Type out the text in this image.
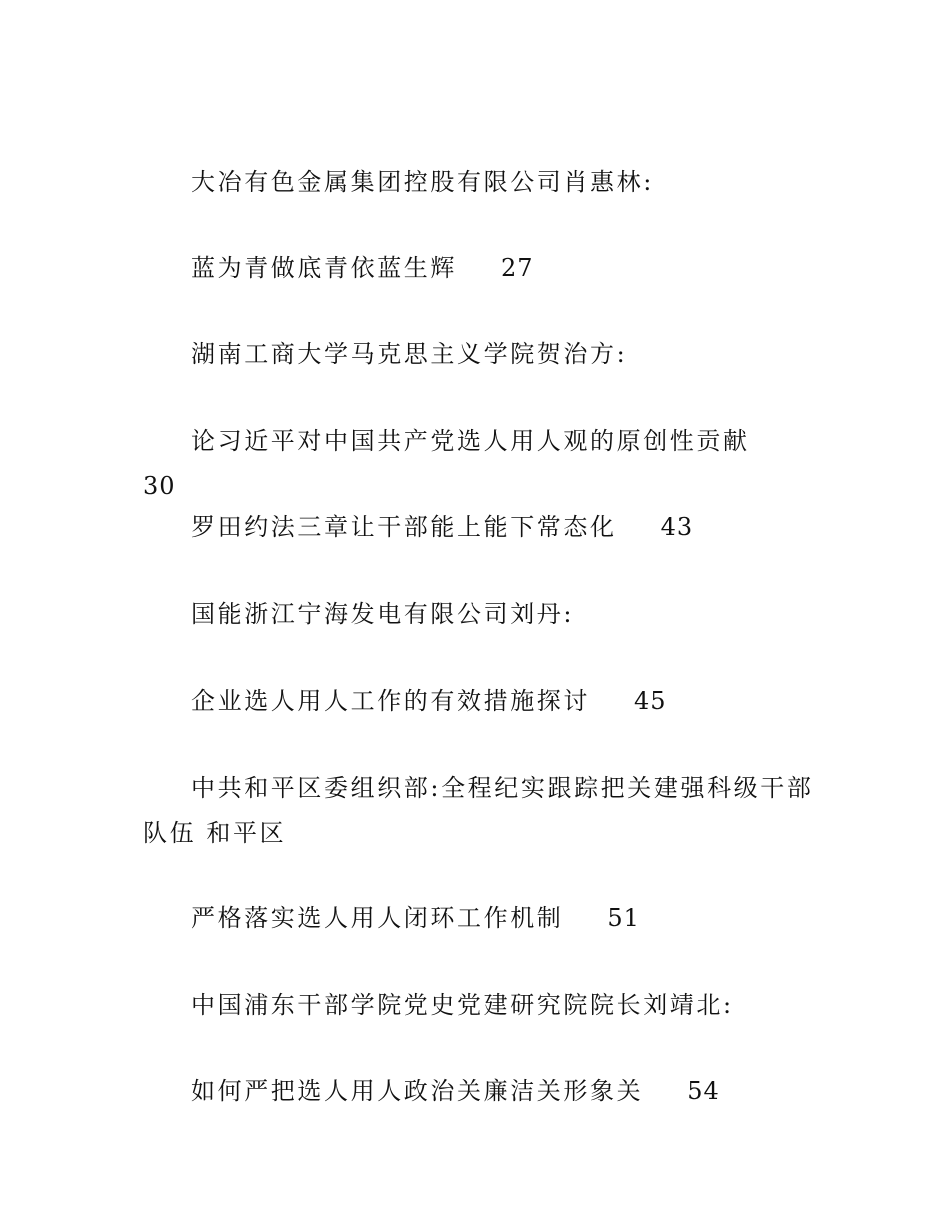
大冶有色金属集团控股有限公司肖惠林:
蓝为青做底青依蓝生辉 27
湖南工商大学马克思主义学院贺治方:
论习近平对中国共产党选人用人观的原创性贡献30
罗田约法三章让干部能上能下常态化 43
国能浙江宁海发电有限公司刘丹:
企业选人用人工作的有效措施探讨 45
中共和平区委组织部:全程纪实跟踪把关建强科级干部队伍 和平区
严格落实选人用人闭环工作机制 51
中国浦东干部学院党史党建研究院院长刘靖北:
如何严把选人用人政治关廉洁关形象关 54
